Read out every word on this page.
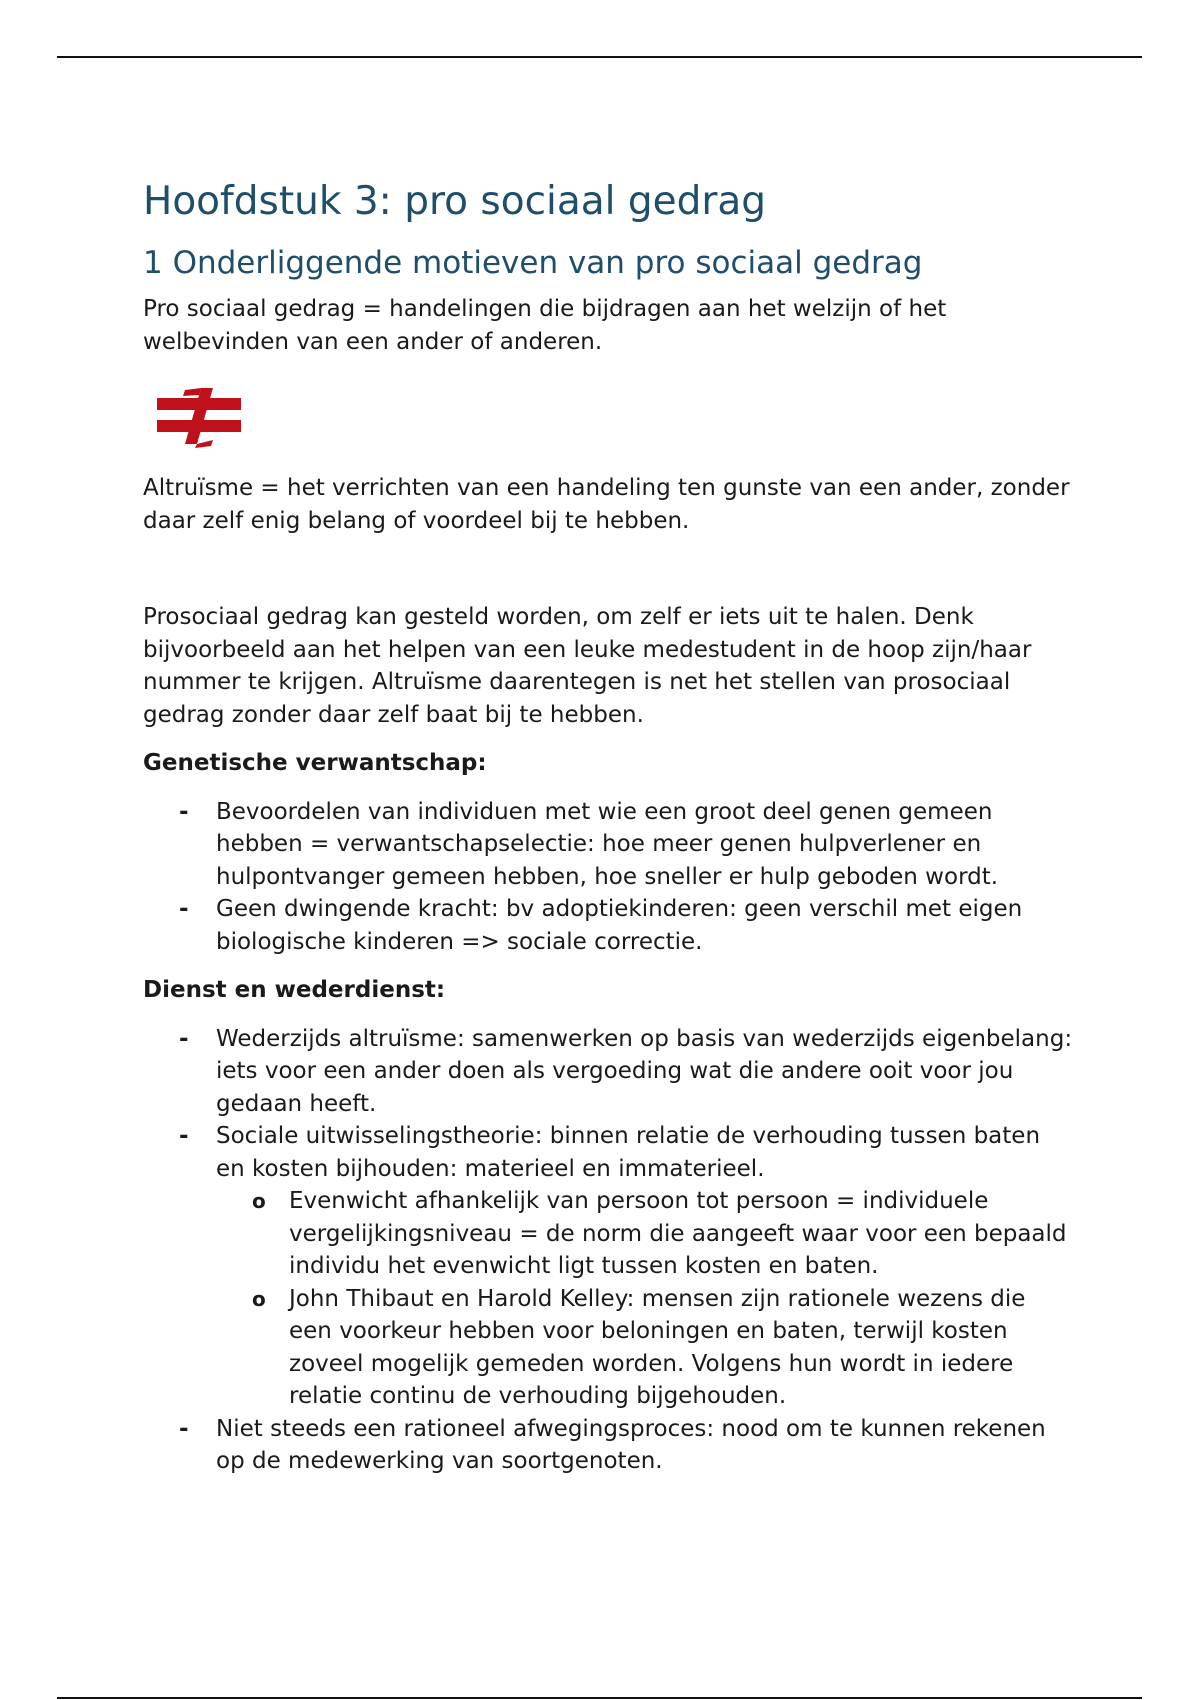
Hoofdstuk 3: pro sociaal gedrag
1 Onderliggende motieven van pro sociaal gedrag

Pro sociaal gedrag = handelingen die bijdragen aan het welzijn of het welbevinden van een ander of anderen.

Altruïsme = het verrichten van een handeling ten gunste van een ander, zonder daar zelf enig belang of voordeel bij te hebben.

Prosociaal gedrag kan gesteld worden, om zelf er iets uit te halen. Denk bijvoorbeeld aan het helpen van een leuke medestudent in de hoop zijn/haar nummer te krijgen. Altruïsme daarentegen is net het stellen van prosociaal gedrag zonder daar zelf baat bij te hebben.

Genetische verwantschap:

- Bevoordelen van individuen met wie een groot deel genen gemeen hebben = verwantschapselectie: hoe meer genen hulpverlener en hulpontvanger gemeen hebben, hoe sneller er hulp geboden wordt.
- Geen dwingende kracht: bv adoptiekinderen: geen verschil met eigen biologische kinderen => sociale correctie.

Dienst en wederdienst:

- Wederzijds altruïsme: samenwerken op basis van wederzijds eigenbelang: iets voor een ander doen als vergoeding wat die andere ooit voor jou gedaan heeft.
- Sociale uitwisselingstheorie: binnen relatie de verhouding tussen baten en kosten bijhouden: materieel en immaterieel.
o Evenwicht afhankelijk van persoon tot persoon = individuele vergelijkingsniveau = de norm die aangeeft waar voor een bepaald individu het evenwicht ligt tussen kosten en baten.
o John Thibaut en Harold Kelley: mensen zijn rationele wezens die een voorkeur hebben voor beloningen en baten, terwijl kosten zoveel mogelijk gemeden worden. Volgens hun wordt in iedere relatie continu de verhouding bijgehouden.
- Niet steeds een rationeel afwegingsproces: nood om te kunnen rekenen op de medewerking van soortgenoten.
